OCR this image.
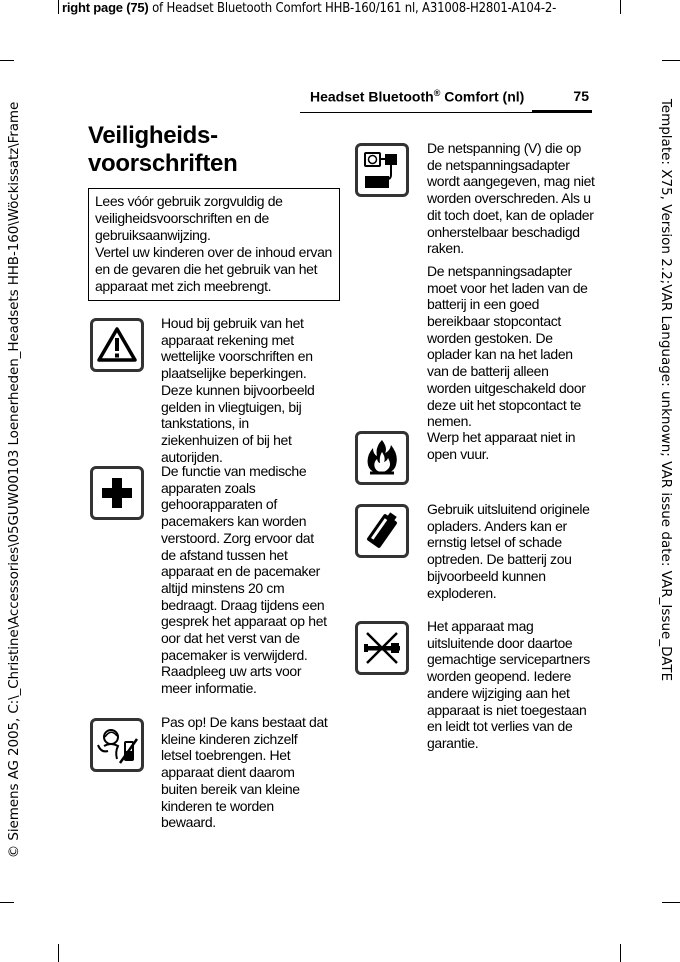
right page (75) of Headset Bluetooth Comfort HHB-160/161 nl, A31008-H2801-A104-2-
© Siemens AG 2005, C:\_Christine\Accessories\05GUW00103 Loenerheden_Headsets HHB-160\Wöckissatz\Frame	Template: X75, Version 2.2;VAR Language: unknown; VAR issue date: VAR_Issue_DATE
Headset Bluetooth® Comfort (nl)	75
Veiligheids-
voorschriften

Lees vóór gebruik zorgvuldig de veiligheidsvoorschriften en de gebruiksaanwijzing.

Vertel uw kinderen over de inhoud ervan en de gevaren die het gebruik van het apparaat met zich meebrengt.

Houd bij gebruik van het apparaat rekening met wettelijke voorschriften en plaatselijke beperkingen. Deze kunnen bijvoorbeeld gelden in vliegtuigen, bij tankstations, in ziekenhuizen of bij het autorijden.

De functie van medische apparaten zoals gehoorapparaten of pacemakers kan worden verstoord. Zorg ervoor dat de afstand tussen het apparaat en de pacemaker altijd minstens 20 cm bedraagt. Draag tijdens een gesprek het apparaat op het oor dat het verst van de pacemaker is verwijderd. Raadpleeg uw arts voor meer informatie.

Pas op! De kans bestaat dat kleine kinderen zichzelf letsel toebrengen. Het apparaat dient daarom buiten bereik van kleine kinderen te worden bewaard.

De netspanning (V) die op de netspanningsadapter wordt aangegeven, mag niet worden overschreden. Als u dit toch doet, kan de oplader onherstelbaar beschadigd raken.

De netspanningsadapter moet voor het laden van de batterij in een goed bereikbaar stopcontact worden gestoken. De oplader kan na het laden van de batterij alleen worden uitgeschakeld door deze uit het stopcontact te nemen.

Werp het apparaat niet in open vuur.

Gebruik uitsluitend originele opladers. Anders kan er ernstig letsel of schade optreden. De batterij zou bijvoorbeeld kunnen exploderen.

Het apparaat mag uitsluitende door daartoe gemachtige servicepartners worden geopend. Iedere andere wijziging aan het apparaat is niet toegestaan en leidt tot verlies van de garantie.
